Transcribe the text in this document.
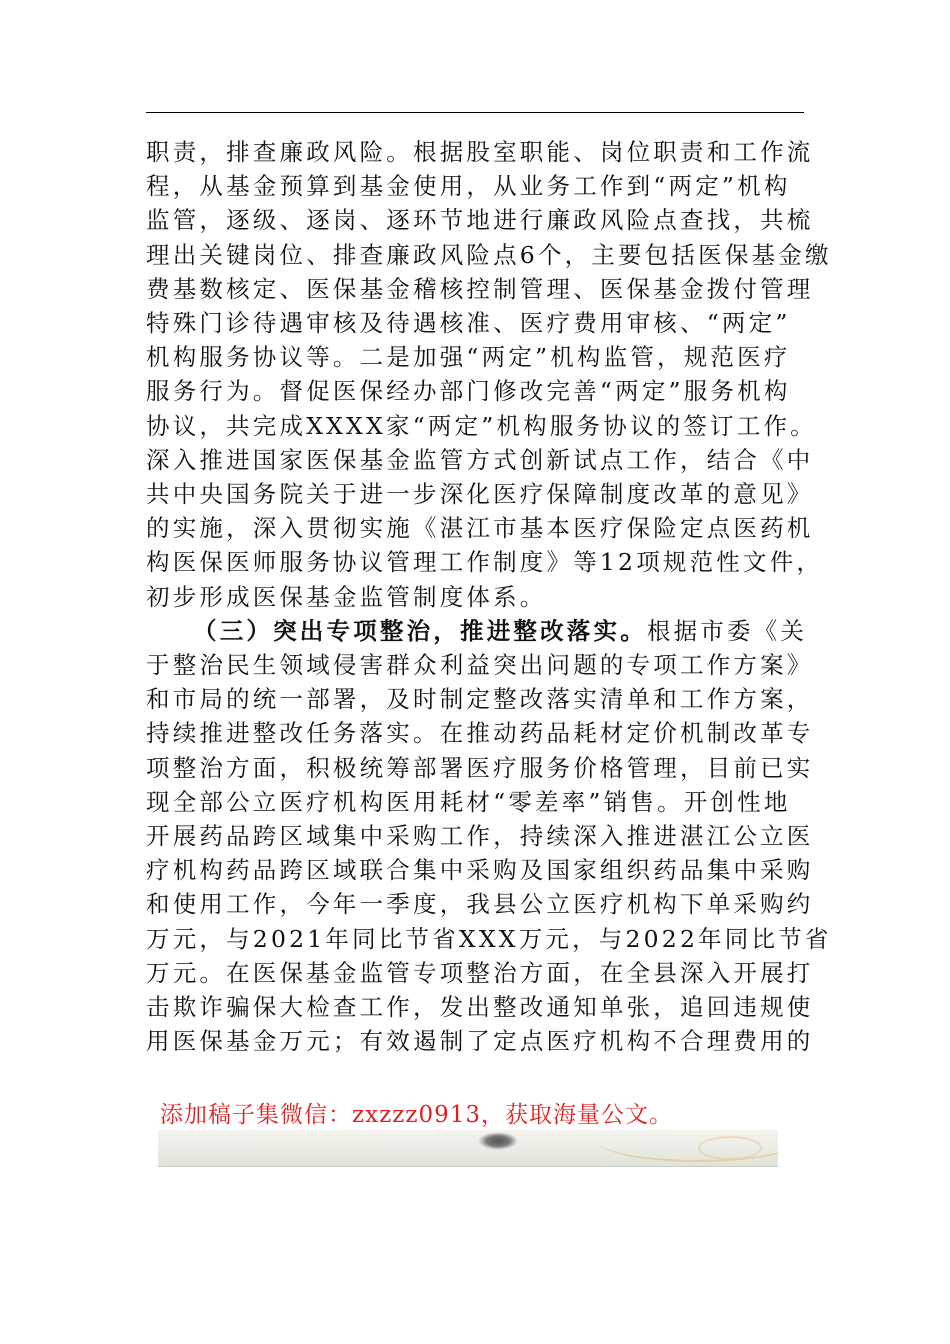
职责，排查廉政风险。根据股室职能、岗位职责和工作流
程，从基金预算到基金使用，从业务工作到“两定”机构
监管，逐级、逐岗、逐环节地进行廉政风险点查找，共梳
理出关键岗位、排查廉政风险点6个，主要包括医保基金缴
费基数核定、医保基金稽核控制管理、医保基金拨付管理
特殊门诊待遇审核及待遇核准、医疗费用审核、“两定”
机构服务协议等。二是加强“两定”机构监管，规范医疗
服务行为。督促医保经办部门修改完善“两定”服务机构
协议，共完成XXXX家“两定”机构服务协议的签订工作。
深入推进国家医保基金监管方式创新试点工作，结合《中
共中央国务院关于进一步深化医疗保障制度改革的意见》
的实施，深入贯彻实施《湛江市基本医疗保险定点医药机
构医保医师服务协议管理工作制度》等12项规范性文件，
初步形成医保基金监管制度体系。
（三）突出专项整治，推进整改落实。根据市委《关
于整治民生领域侵害群众利益突出问题的专项工作方案》
和市局的统一部署，及时制定整改落实清单和工作方案，
持续推进整改任务落实。在推动药品耗材定价机制改革专
项整治方面，积极统筹部署医疗服务价格管理，目前已实
现全部公立医疗机构医用耗材“零差率”销售。开创性地
开展药品跨区域集中采购工作，持续深入推进湛江公立医
疗机构药品跨区域联合集中采购及国家组织药品集中采购
和使用工作，今年一季度，我县公立医疗机构下单采购约
万元，与2021年同比节省XXX万元，与2022年同比节省
万元。在医保基金监管专项整治方面，在全县深入开展打
击欺诈骗保大检查工作，发出整改通知单张，追回违规使
用医保基金万元；有效遏制了定点医疗机构不合理费用的
添加稿子集微信：zxzzz0913，获取海量公文。
